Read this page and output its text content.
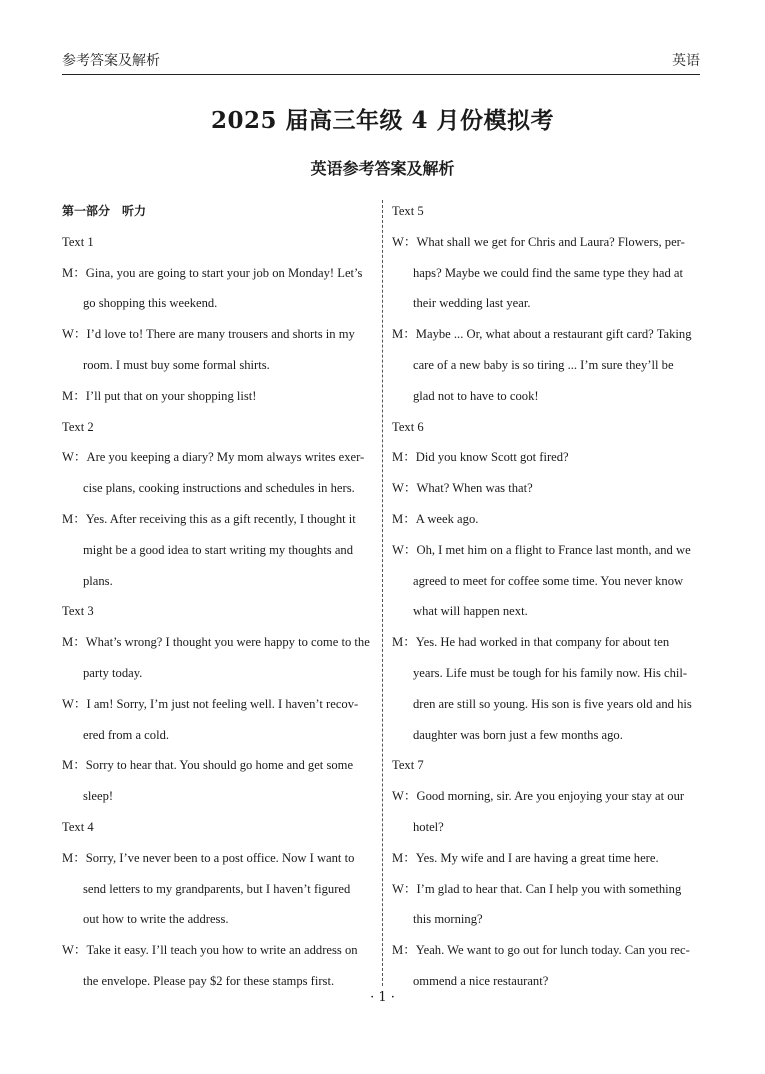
参考答案及解析	英语
2025 届高三年级 4 月份模拟考
英语参考答案及解析
第一部分　听力
Text 1
M：Gina, you are going to start your job on Monday! Let’s
go shopping this weekend.
W：I’d love to! There are many trousers and shorts in my
room. I must buy some formal shirts.
M：I’ll put that on your shopping list!
Text 2
W：Are you keeping a diary? My mom always writes exer-
cise plans, cooking instructions and schedules in hers.
M：Yes. After receiving this as a gift recently, I thought it
might be a good idea to start writing my thoughts and
plans.
Text 3
M：What’s wrong? I thought you were happy to come to the
party today.
W：I am! Sorry, I’m just not feeling well. I haven’t recov-
ered from a cold.
M：Sorry to hear that. You should go home and get some
sleep!
Text 4
M：Sorry, I’ve never been to a post office. Now I want to
send letters to my grandparents, but I haven’t figured
out how to write the address.
W：Take it easy. I’ll teach you how to write an address on
the envelope. Please pay $2 for these stamps first.
Text 5
W：What shall we get for Chris and Laura? Flowers, per-
haps? Maybe we could find the same type they had at
their wedding last year.
M：Maybe ... Or, what about a restaurant gift card? Taking
care of a new baby is so tiring ... I’m sure they’ll be
glad not to have to cook!
Text 6
M：Did you know Scott got fired?
W：What? When was that?
M：A week ago.
W：Oh, I met him on a flight to France last month, and we
agreed to meet for coffee some time. You never know
what will happen next.
M：Yes. He had worked in that company for about ten
years. Life must be tough for his family now. His chil-
dren are still so young. His son is five years old and his
daughter was born just a few months ago.
Text 7
W：Good morning, sir. Are you enjoying your stay at our
hotel?
M：Yes. My wife and I are having a great time here.
W：I’m glad to hear that. Can I help you with something
this morning?
M：Yeah. We want to go out for lunch today. Can you rec-
ommend a nice restaurant?
· 1 ·
